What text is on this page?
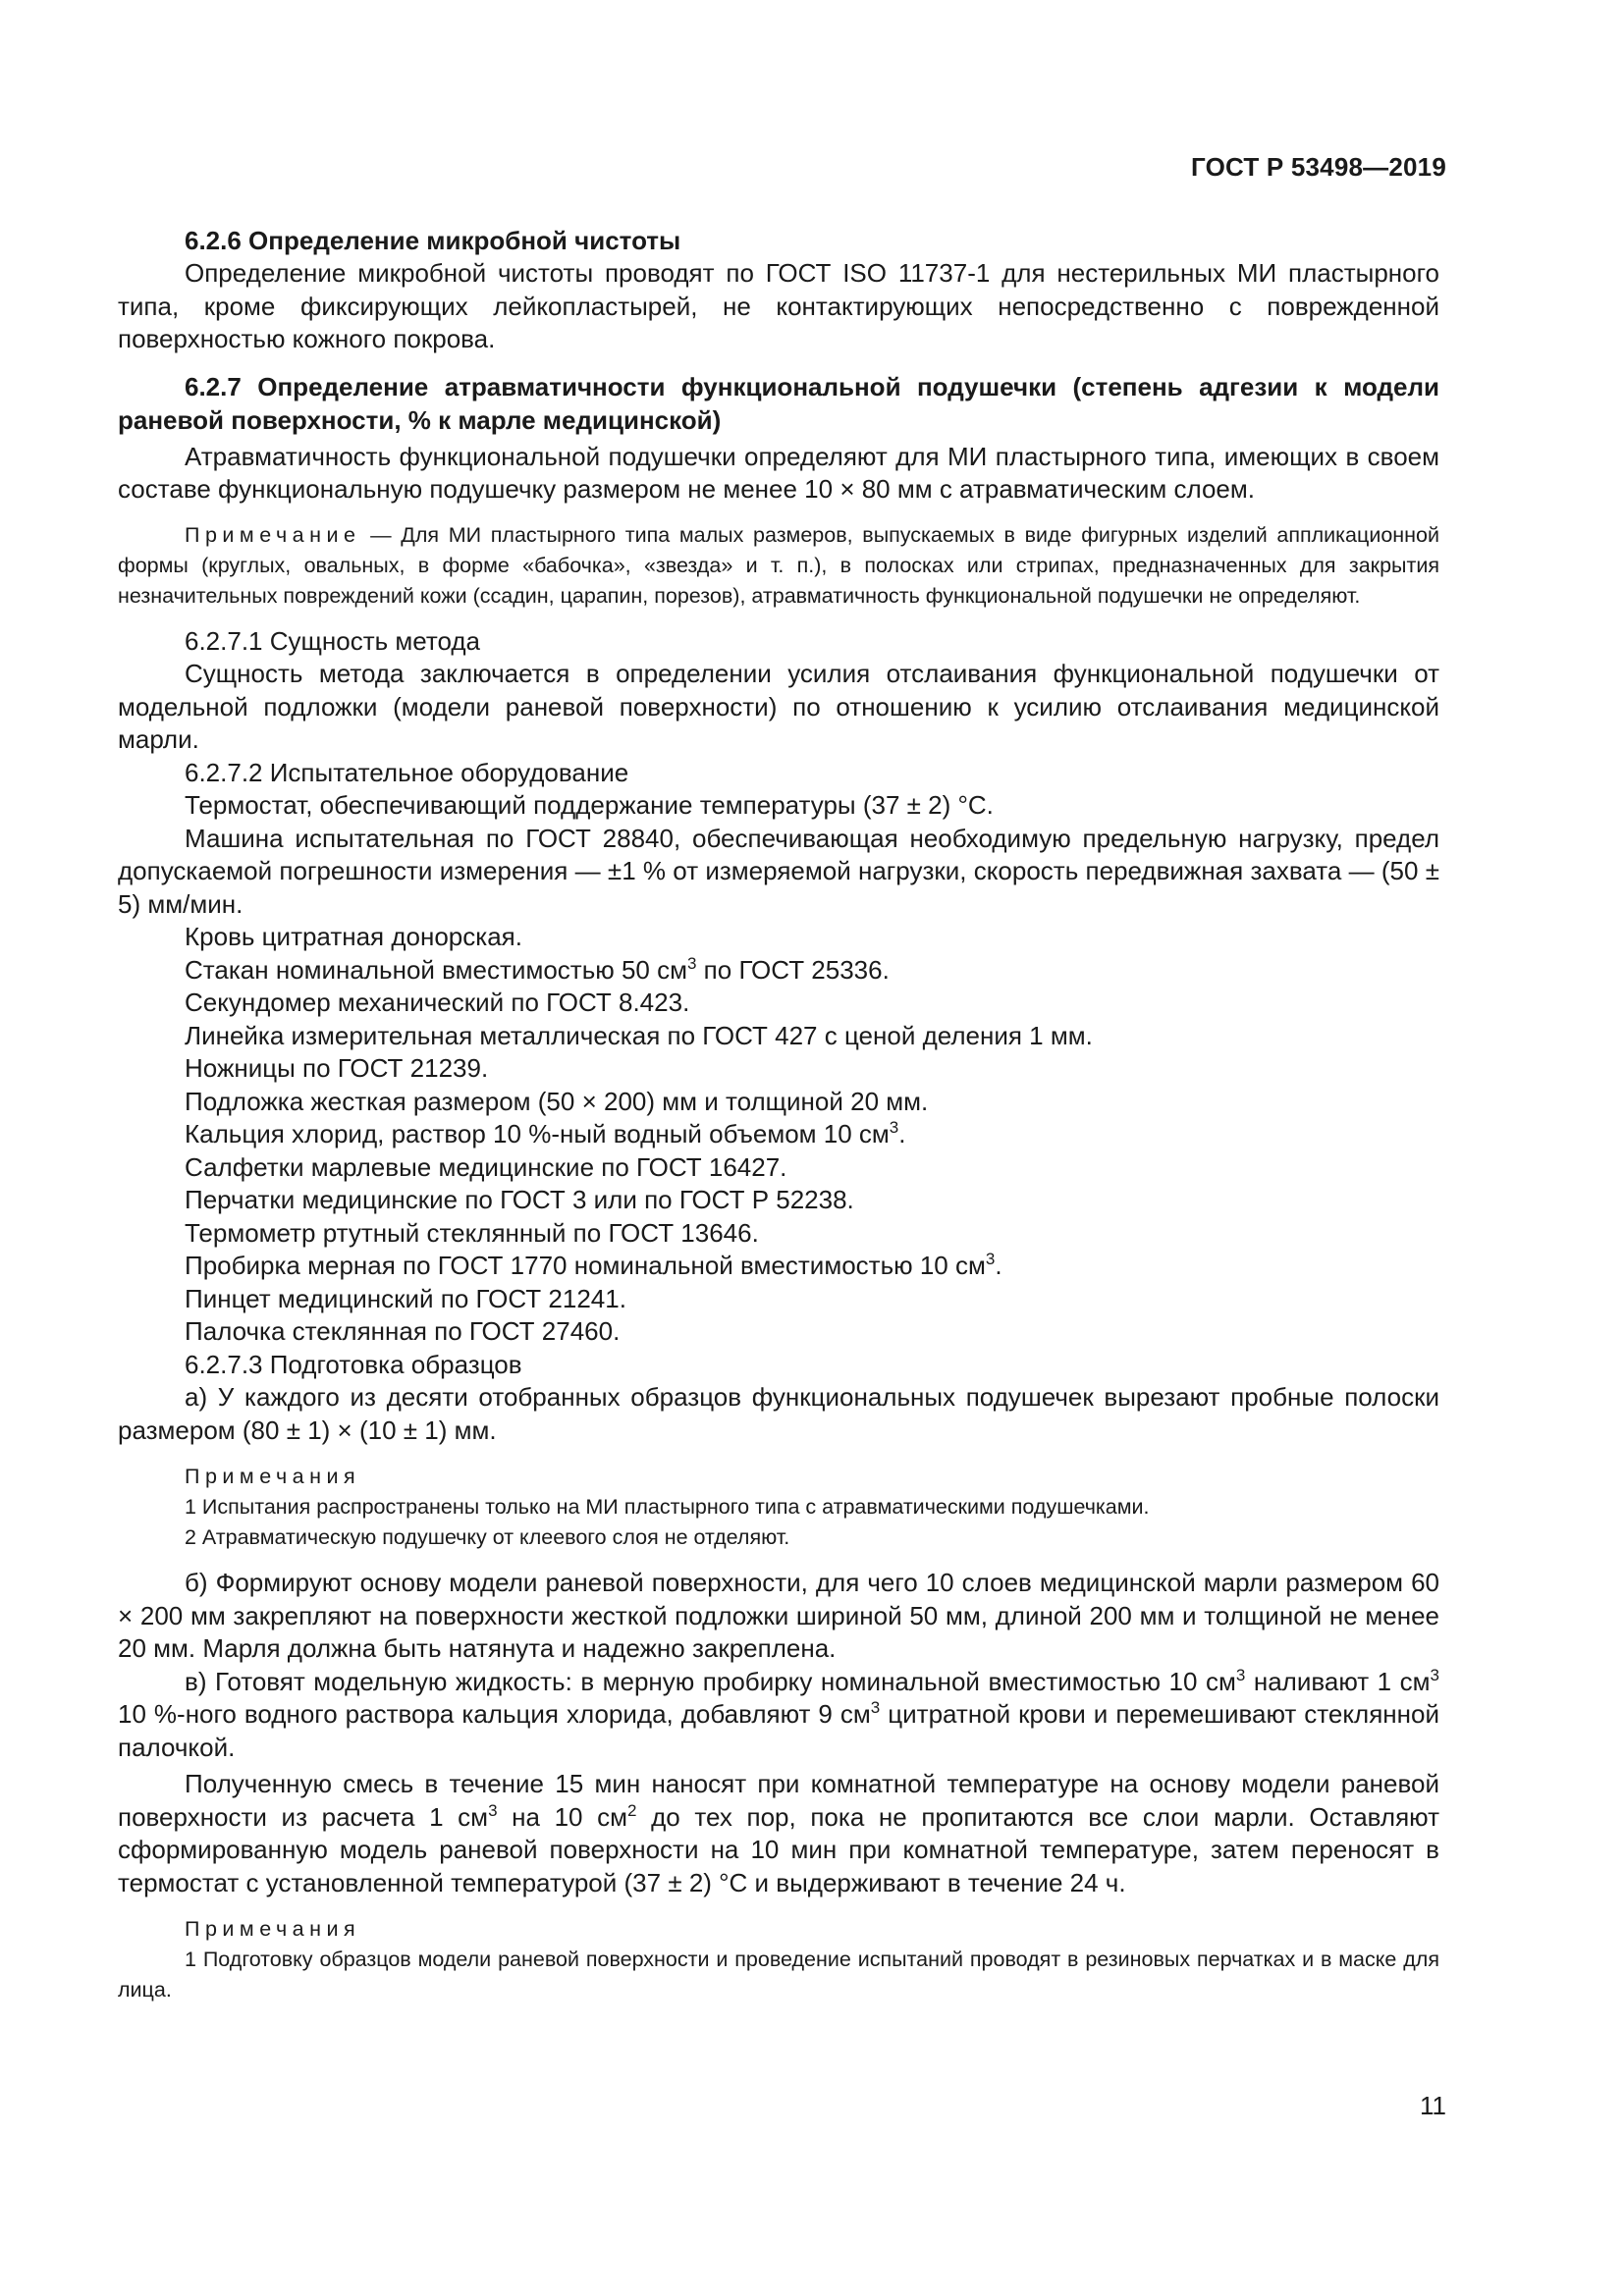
ГОСТ Р 53498—2019

6.2.6 Определение микробной чистоты

Определение микробной чистоты проводят по ГОСТ ISO 11737-1 для нестерильных МИ пластырного типа, кроме фиксирующих лейкопластырей, не контактирующих непосредственно с поврежденной поверхностью кожного покрова.

6.2.7 Определение атравматичности функциональной подушечки (степень адгезии к модели раневой поверхности, % к марле медицинской)

Атравматичность функциональной подушечки определяют для МИ пластырного типа, имеющих в своем составе функциональную подушечку размером не менее 10 × 80 мм с атравматическим слоем.

Примечание — Для МИ пластырного типа малых размеров, выпускаемых в виде фигурных изделий аппликационной формы (круглых, овальных, в форме «бабочка», «звезда» и т. п.), в полосках или стрипах, предназначенных для закрытия незначительных повреждений кожи (ссадин, царапин, порезов), атравматичность функциональной подушечки не определяют.

6.2.7.1 Сущность метода

Сущность метода заключается в определении усилия отслаивания функциональной подушечки от модельной подложки (модели раневой поверхности) по отношению к усилию отслаивания медицинской марли.

6.2.7.2 Испытательное оборудование

Термостат, обеспечивающий поддержание температуры (37 ± 2) °С.

Машина испытательная по ГОСТ 28840, обеспечивающая необходимую предельную нагрузку, предел допускаемой погрешности измерения — ±1 % от измеряемой нагрузки, скорость передвижная захвата — (50 ± 5) мм/мин.

Кровь цитратная донорская.

Стакан номинальной вместимостью 50 $см^3$ по ГОСТ 25336.

Секундомер механический по ГОСТ 8.423.

Линейка измерительная металлическая по ГОСТ 427 с ценой деления 1 мм.

Ножницы по ГОСТ 21239.

Подложка жесткая размером (50 × 200) мм и толщиной 20 мм.

Кальция хлорид, раствор 10 %-ный водный объемом 10 $см^3$.

Салфетки марлевые медицинские по ГОСТ 16427.

Перчатки медицинские по ГОСТ 3 или по ГОСТ Р 52238.

Термометр ртутный стеклянный по ГОСТ 13646.

Пробирка мерная по ГОСТ 1770 номинальной вместимостью 10 $см^3$.

Пинцет медицинский по ГОСТ 21241.

Палочка стеклянная по ГОСТ 27460.

6.2.7.3 Подготовка образцов

а) У каждого из десяти отобранных образцов функциональных подушечек вырезают пробные полоски размером (80 ± 1) × (10 ± 1) мм.

Примечания

1 Испытания распространены только на МИ пластырного типа с атравматическими подушечками.

2 Атравматическую подушечку от клеевого слоя не отделяют.

б) Формируют основу модели раневой поверхности, для чего 10 слоев медицинской марли размером 60 × 200 мм закрепляют на поверхности жесткой подложки шириной 50 мм, длиной 200 мм и толщиной не менее 20 мм. Марля должна быть натянута и надежно закреплена.

в) Готовят модельную жидкость: в мерную пробирку номинальной вместимостью 10 $см^3$ наливают 1 $см^3$ 10 %-ного водного раствора кальция хлорида, добавляют 9 $см^3$ цитратной крови и перемешивают стеклянной палочкой.

Полученную смесь в течение 15 мин наносят при комнатной температуре на основу модели раневой поверхности из расчета 1 $см^3$ на 10 $см^2$ до тех пор, пока не пропитаются все слои марли. Оставляют сформированную модель раневой поверхности на 10 мин при комнатной температуре, затем переносят в термостат с установленной температурой (37 ± 2) °С и выдерживают в течение 24 ч.

Примечания

1 Подготовку образцов модели раневой поверхности и проведение испытаний проводят в резиновых перчатках и в маске для лица.

11
